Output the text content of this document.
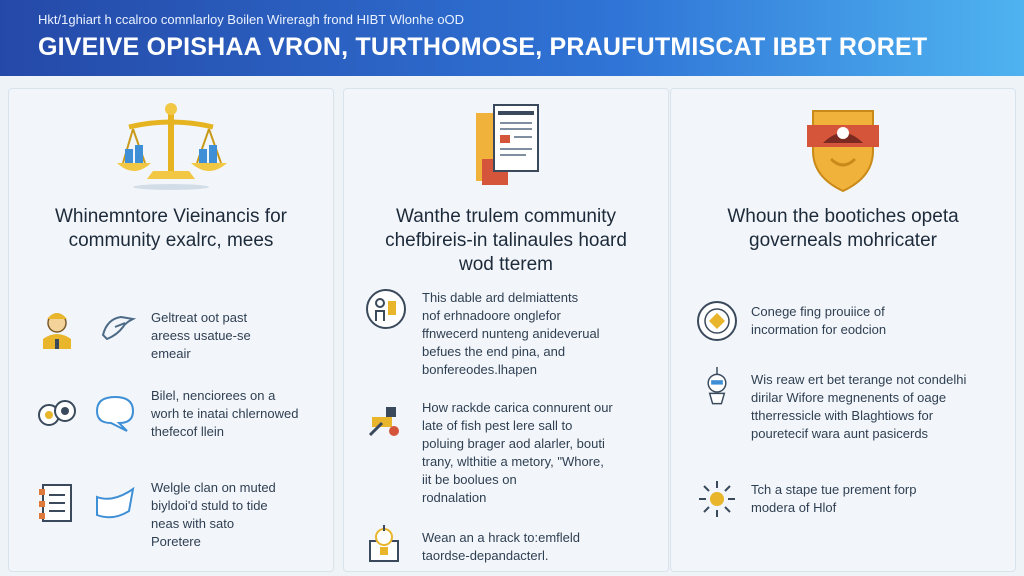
Hkt/1ghiart h ccalroo comnlarloy Boilen Wireragh frond HIBT Wlonhe oOD
GIVEIVE OPISHAA VRON, TURTHOMOSE, PRAUFUTMISCAT IBBT RORET
Whinemntore Vieinancis for
community exalrc, mees
Geltreat oot past
areess usatue-se
emeair
Bilel, nenciorees on a
worh te inatai chlernowed
thefecof llein
Welgle clan on muted
biyldoi'd stuld to tide
neas with sato
Poretere
Wanthe trulem community
chefbireis-in talinaules hoard
wod tterem
This dable ard delmiattents
nof erhnadoore onglefor
ffnwecerd nunteng anideverual
befues the end pina, and
bonfereodes.lhapen
How rackde carica connurent our
late of fish pest lere sall to
poluing brager aod alarler, bouti
trany, wlthitie a metory, "Whore,
iit be boolues on
rodnalation
Wean an a hrack to:emfleld
taordse-depandacterl.
Whoun the bootiches opeta
governeals mohricater
Conege fing prouiice of
incormation for eodcion
Wis reaw ert bet terange not condelhi
dirilar Wifore megnenents of oage
ttherressicle with Blaghtiows for
pouretecif wara aunt pasicerds
Tch a stape tue prement forp
modera of Hlof
